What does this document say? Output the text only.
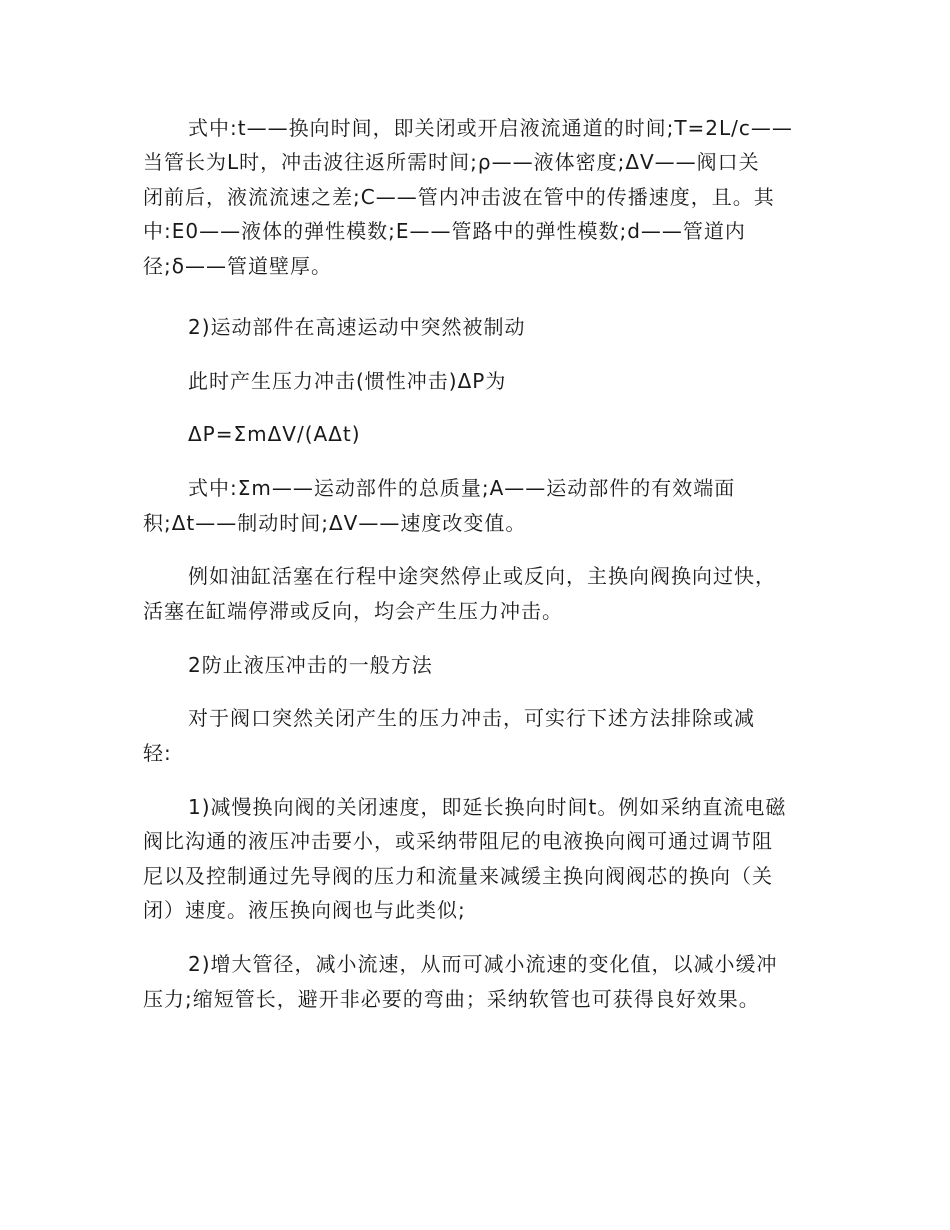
式中:t——换向时间，即关闭或开启液流通道的时间;T=2L/c——
当管长为L时，冲击波往返所需时间;ρ——液体密度;ΔV——阀口关
闭前后，液流流速之差;C——管内冲击波在管中的传播速度，且。其
中:E0——液体的弹性模数;E——管路中的弹性模数;d——管道内
径;δ——管道壁厚。
2)运动部件在高速运动中突然被制动
此时产生压力冲击(惯性冲击)ΔP为
ΔP=ΣmΔV/(AΔt)
式中:Σm——运动部件的总质量;A——运动部件的有效端面
积;Δt——制动时间;ΔV——速度改变值。
例如油缸活塞在行程中途突然停止或反向，主换向阀换向过快，
活塞在缸端停滞或反向，均会产生压力冲击。
2防止液压冲击的一般方法
对于阀口突然关闭产生的压力冲击，可实行下述方法排除或减
轻:
1)减慢换向阀的关闭速度，即延长换向时间t。例如采纳直流电磁
阀比沟通的液压冲击要小，或采纳带阻尼的电液换向阀可通过调节阻
尼以及控制通过先导阀的压力和流量来减缓主换向阀阀芯的换向（关
闭）速度。液压换向阀也与此类似;
2)增大管径，减小流速，从而可减小流速的变化值，以减小缓冲
压力;缩短管长，避开非必要的弯曲；采纳软管也可获得良好效果。
